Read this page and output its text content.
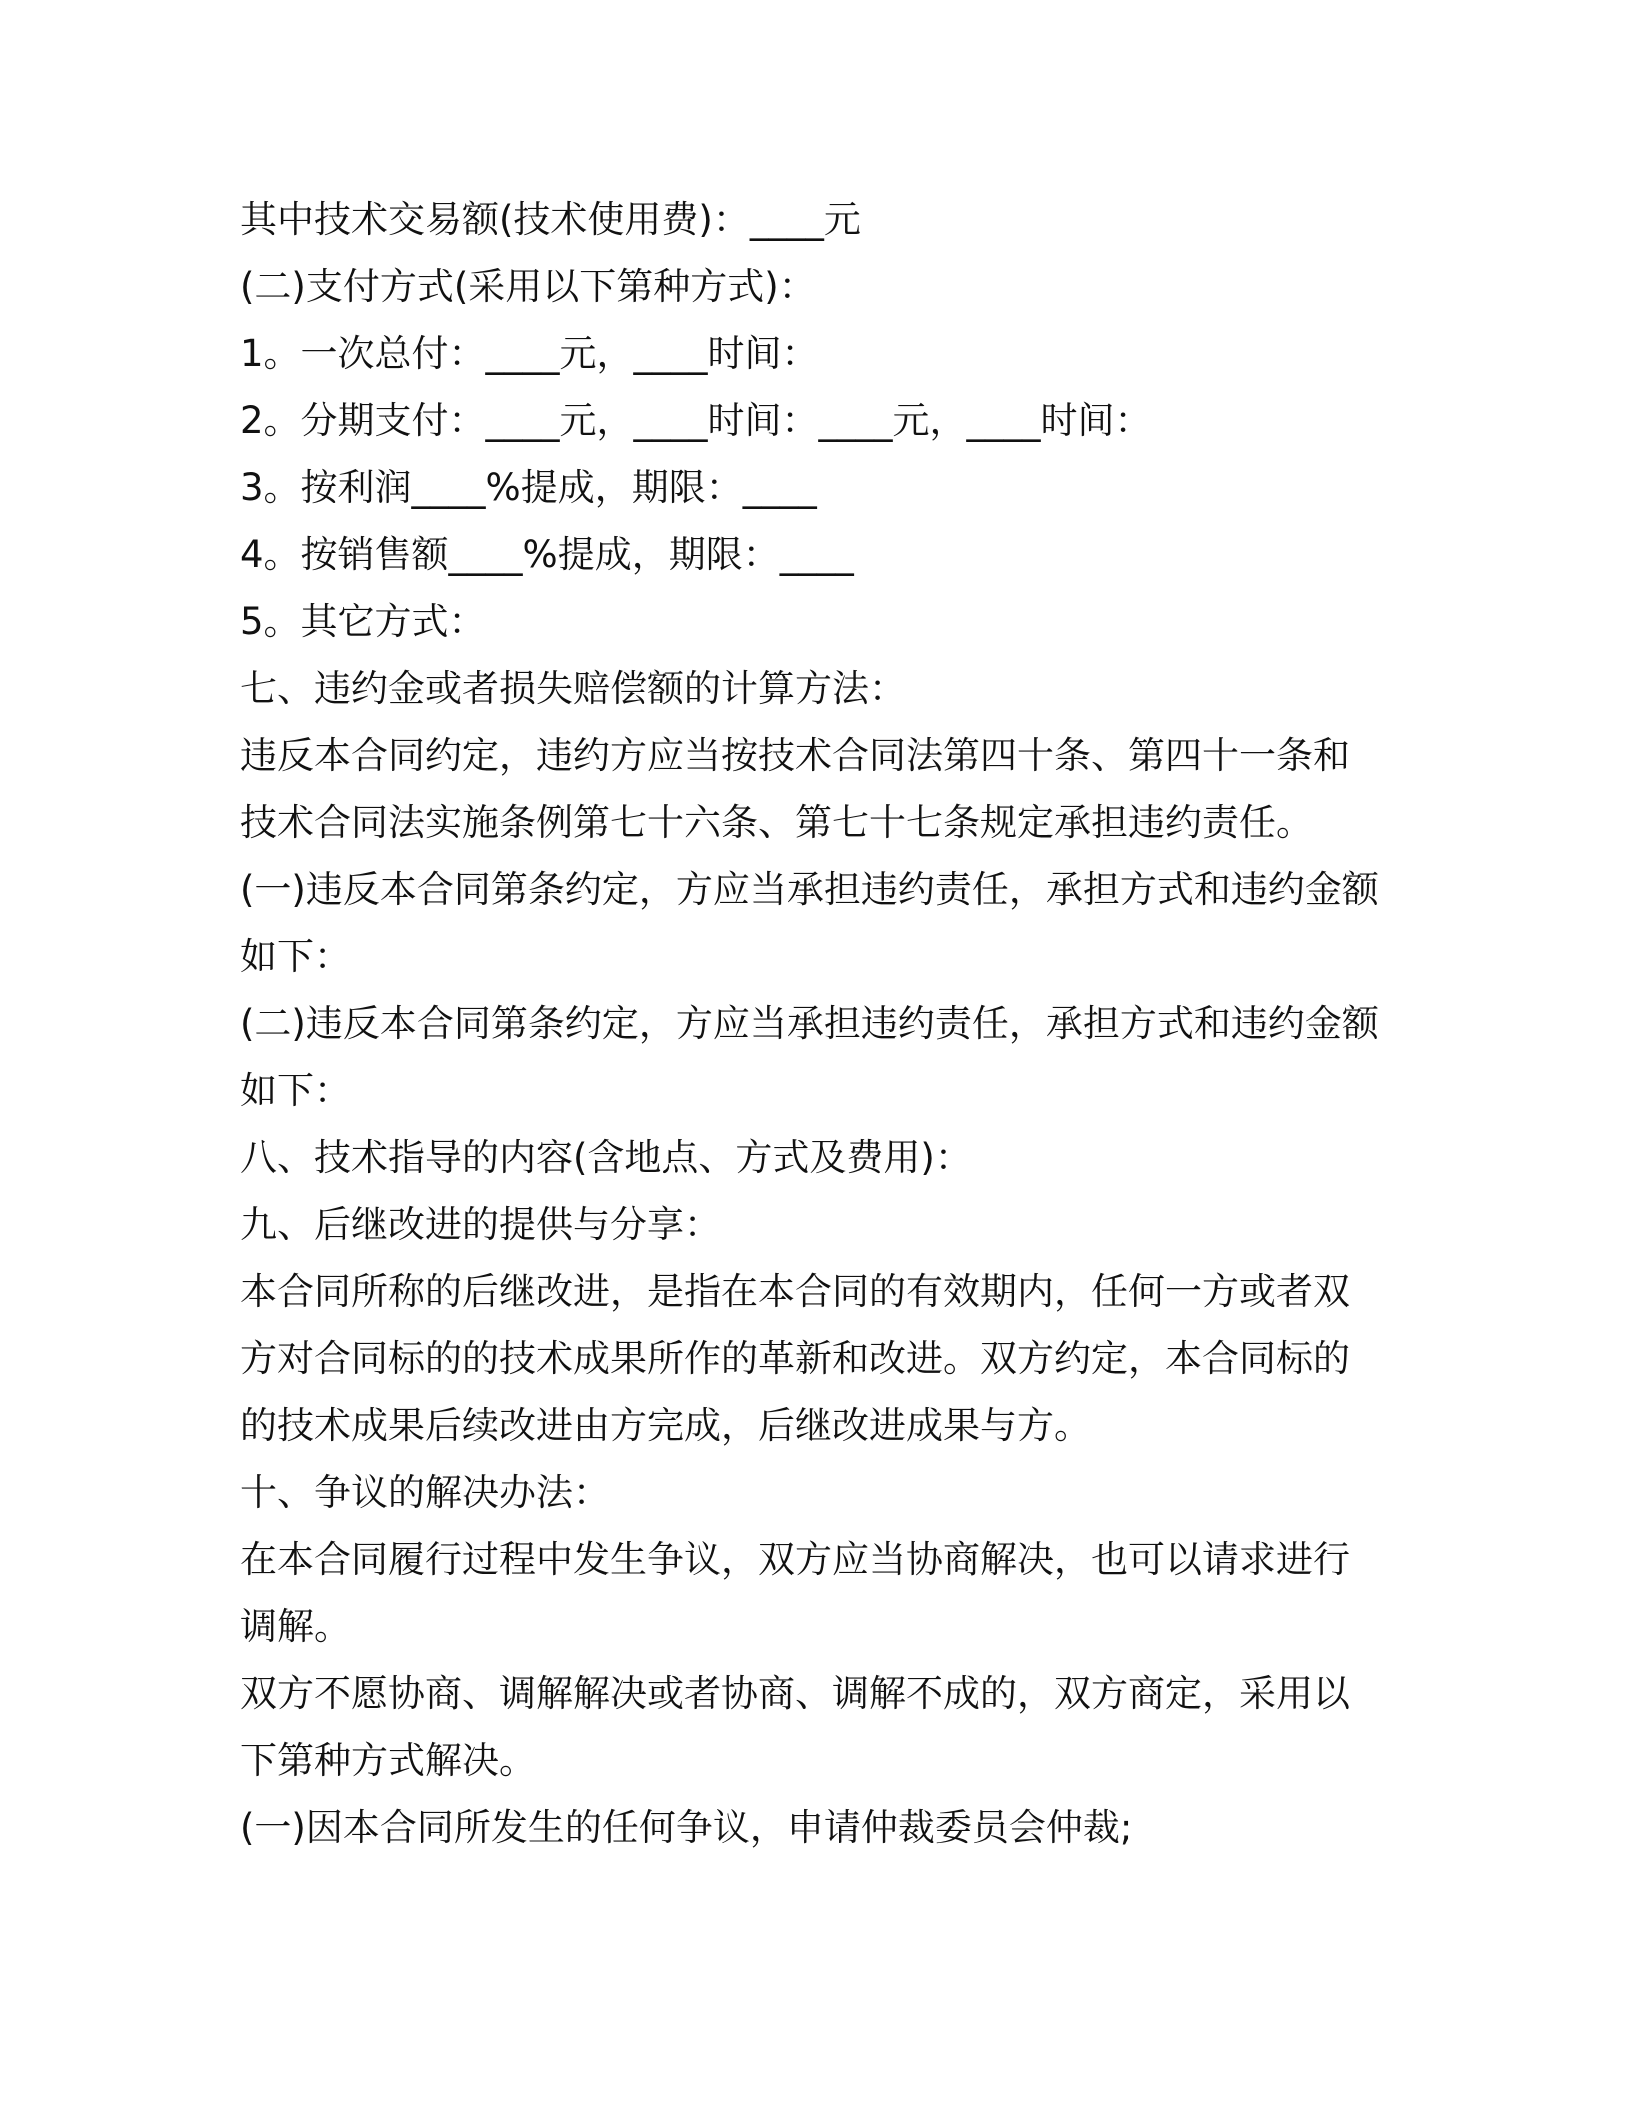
其中技术交易额(技术使用费)：____元
(二)支付方式(采用以下第种方式)：
1。一次总付：____元，____时间：
2。分期支付：____元，____时间：____元，____时间：
3。按利润____%提成，期限：____
4。按销售额____%提成，期限：____
5。其它方式：
七、违约金或者损失赔偿额的计算方法：
违反本合同约定，违约方应当按技术合同法第四十条、第四十一条和
技术合同法实施条例第七十六条、第七十七条规定承担违约责任。
(一)违反本合同第条约定，方应当承担违约责任，承担方式和违约金额
如下：
(二)违反本合同第条约定，方应当承担违约责任，承担方式和违约金额
如下：
八、技术指导的内容(含地点、方式及费用)：
九、后继改进的提供与分享：
本合同所称的后继改进，是指在本合同的有效期内，任何一方或者双
方对合同标的的技术成果所作的革新和改进。双方约定，本合同标的
的技术成果后续改进由方完成，后继改进成果与方。
十、争议的解决办法：
在本合同履行过程中发生争议，双方应当协商解决，也可以请求进行
调解。
双方不愿协商、调解解决或者协商、调解不成的，双方商定，采用以
下第种方式解决。
(一)因本合同所发生的任何争议，申请仲裁委员会仲裁;
